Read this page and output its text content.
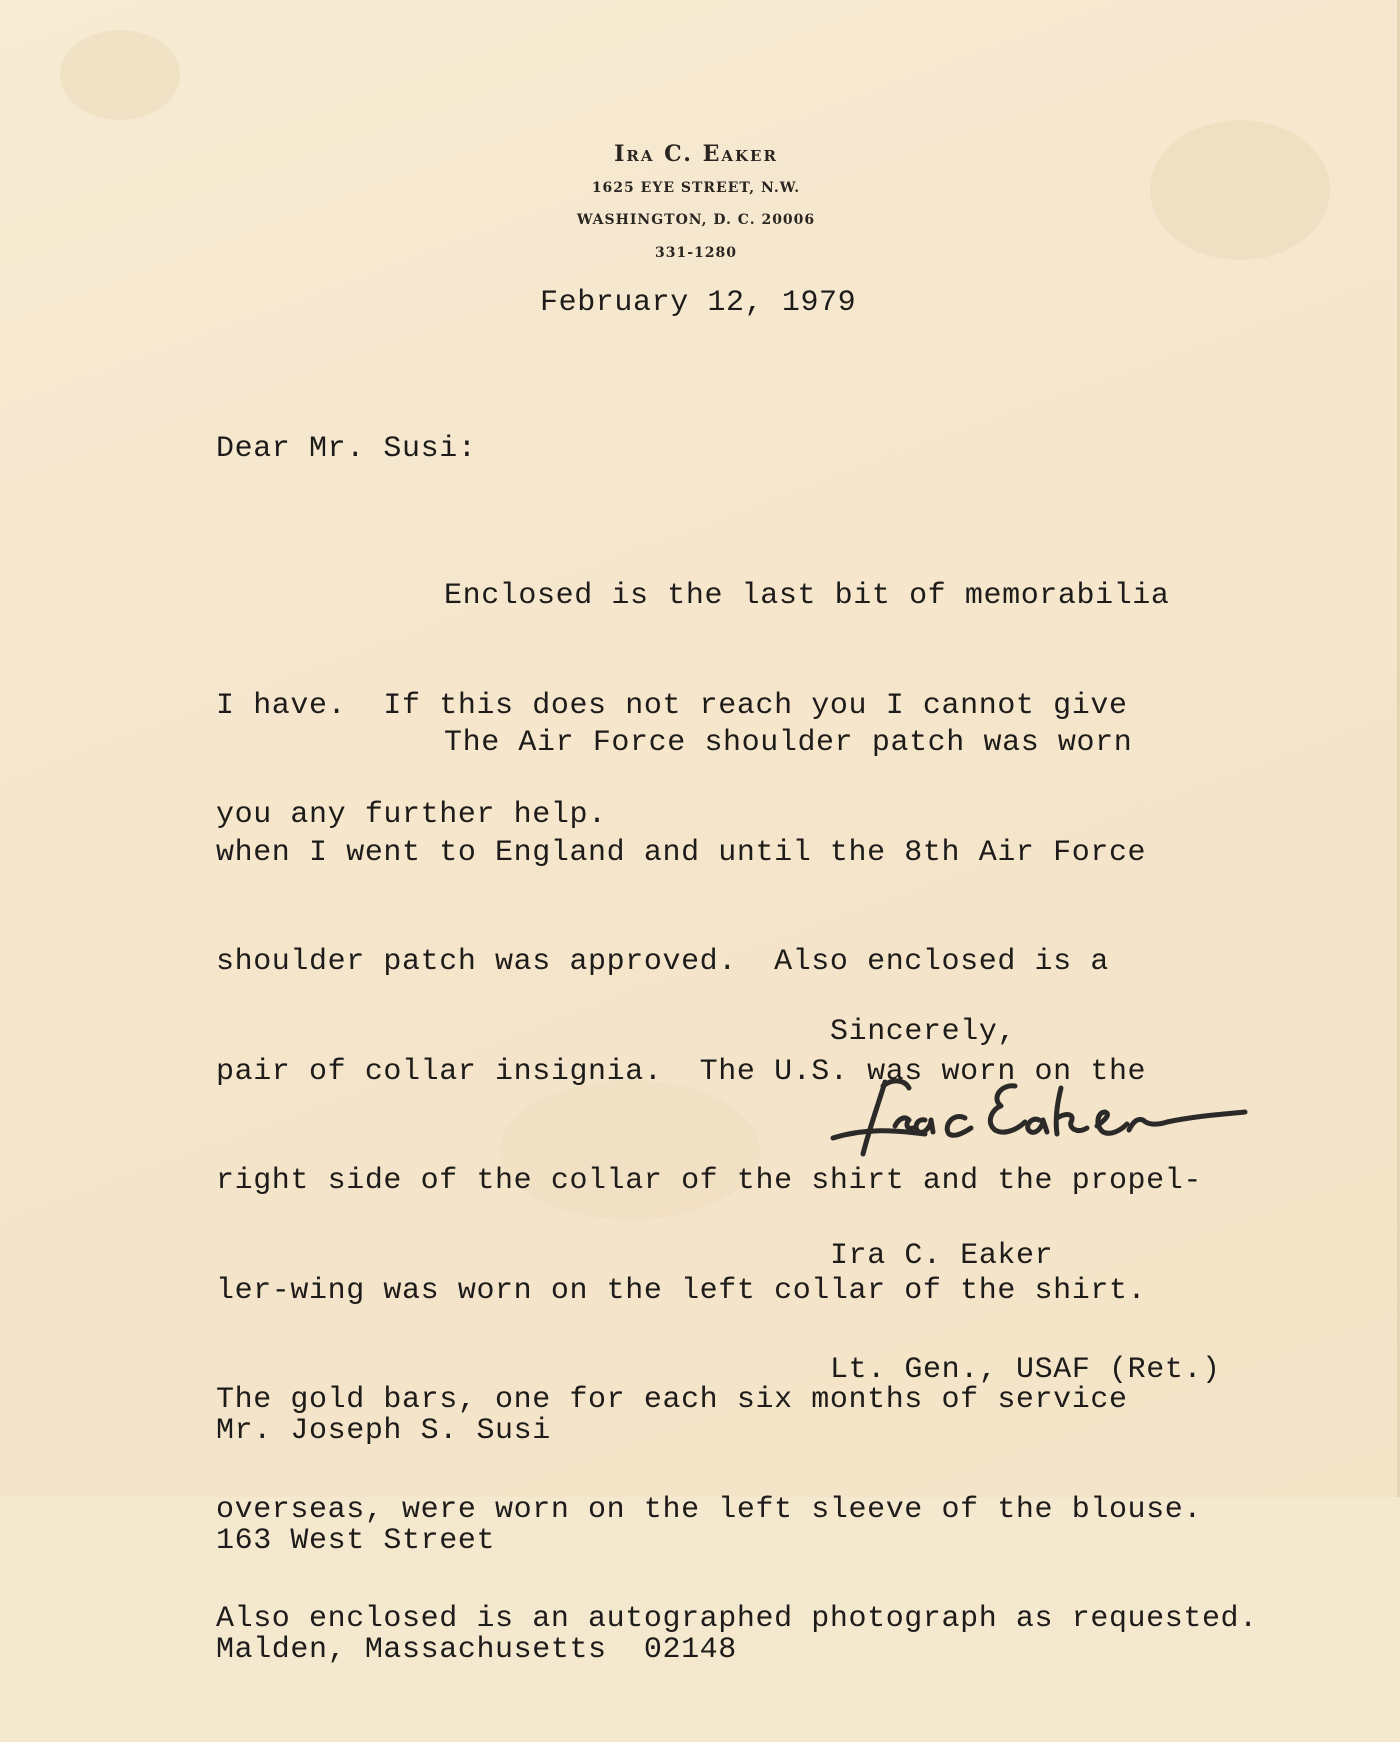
Ira C. Eaker
1625 EYE STREET, N.W.
WASHINGTON, D. C. 20006
331-1280
February 12, 1979
Dear Mr. Susi:

Enclosed is the last bit of memorabilia

I have.  If this does not reach you I cannot give

you any further help.

The Air Force shoulder patch was worn

when I went to England and until the 8th Air Force

shoulder patch was approved.  Also enclosed is a

pair of collar insignia.  The U.S. was worn on the

right side of the collar of the shirt and the propel-

ler-wing was worn on the left collar of the shirt.

The gold bars, one for each six months of service

overseas, were worn on the left sleeve of the blouse.

Also enclosed is an autographed photograph as requested.

Sincerely,

Ira C. Eaker

Lt. Gen., USAF (Ret.)

Mr. Joseph S. Susi

163 West Street

Malden, Massachusetts  02148
